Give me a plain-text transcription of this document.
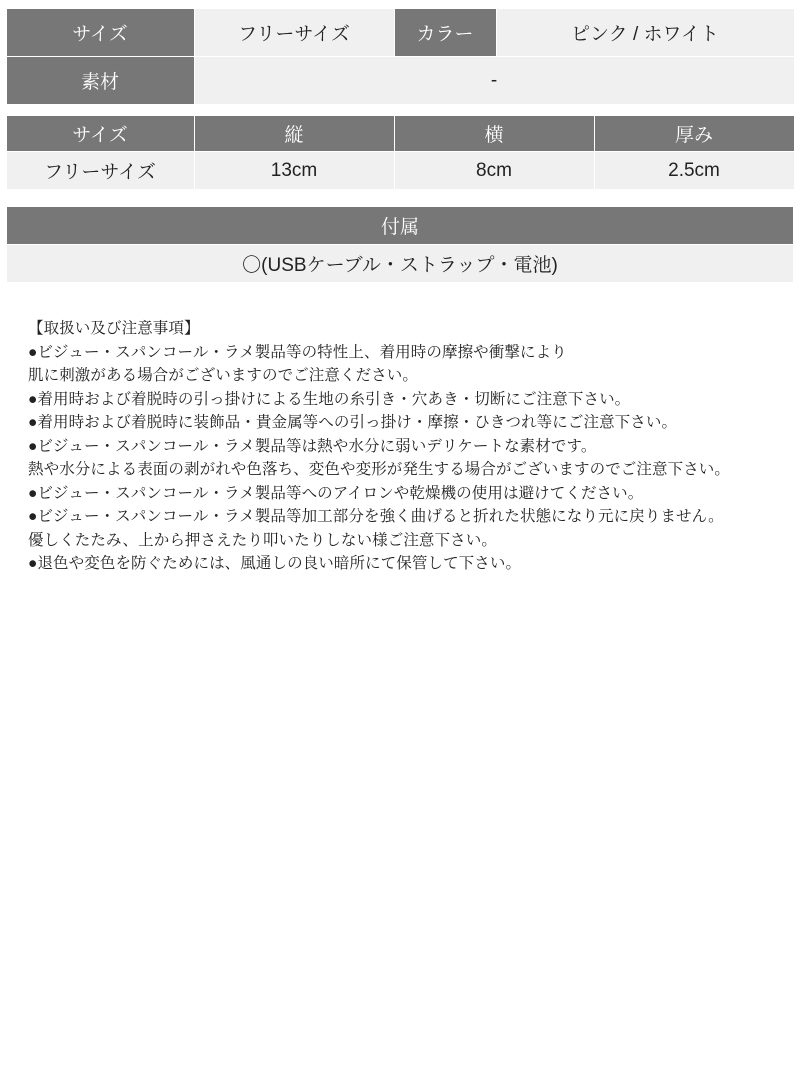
サイズ	フリーサイズ	カラー	ピンク / ホワイト
素材	-		
サイズ	縦	横	厚み
フリーサイズ	13cm	8cm	2.5cm
付属
〇(USBケーブル・ストラップ・電池)
【取扱い及び注意事項】
●ビジュー・スパンコール・ラメ製品等の特性上、着用時の摩擦や衝撃により
肌に刺激がある場合がございますのでご注意ください。
●着用時および着脱時の引っ掛けによる生地の糸引き・穴あき・切断にご注意下さい。
●着用時および着脱時に装飾品・貴金属等への引っ掛け・摩擦・ひきつれ等にご注意下さい。
●ビジュー・スパンコール・ラメ製品等は熱や水分に弱いデリケートな素材です。
熱や水分による表面の剥がれや色落ち、変色や変形が発生する場合がございますのでご注意下さい。
●ビジュー・スパンコール・ラメ製品等へのアイロンや乾燥機の使用は避けてください。
●ビジュー・スパンコール・ラメ製品等加工部分を強く曲げると折れた状態になり元に戻りません。
優しくたたみ、上から押さえたり叩いたりしない様ご注意下さい。
●退色や変色を防ぐためには、風通しの良い暗所にて保管して下さい。
